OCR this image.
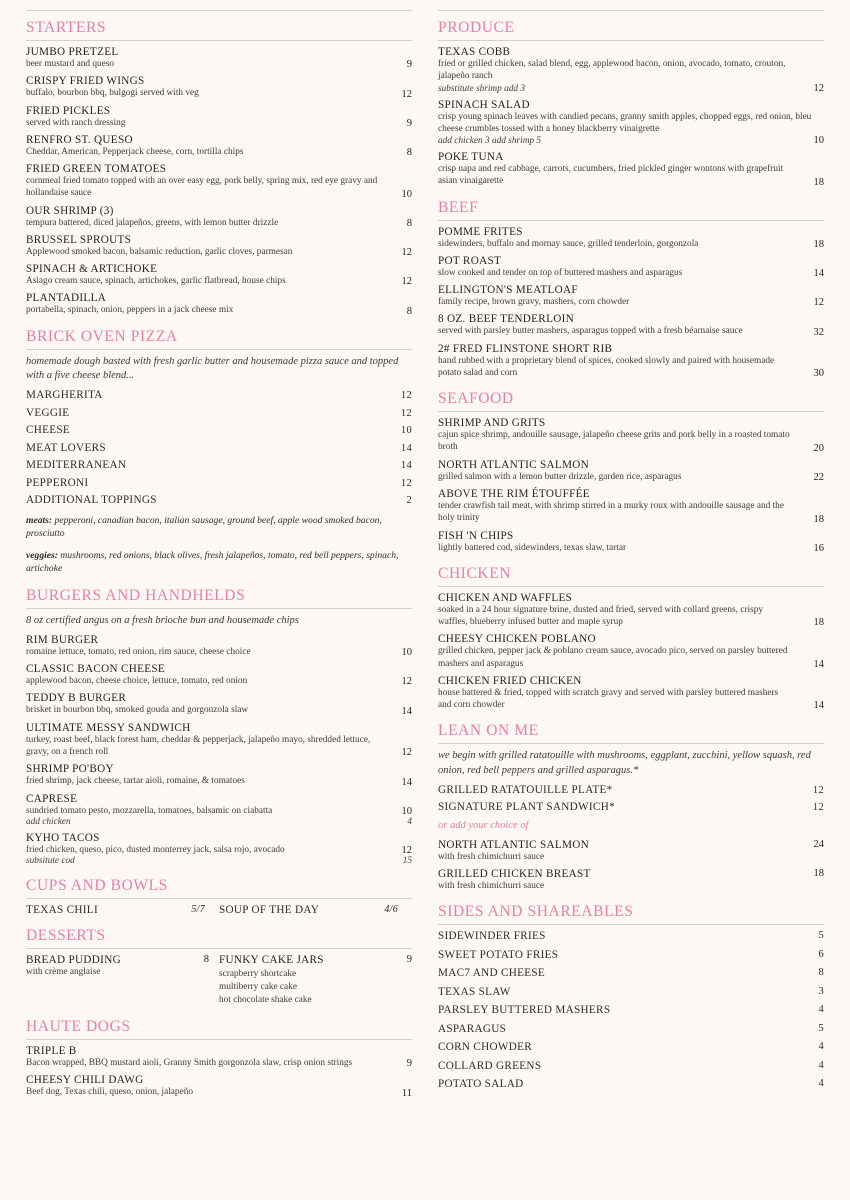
STARTERS
JUMBO PRETZEL
beer mustard and queso	9
CRISPY FRIED WINGS
buffalo, bourbon bbq, bulgogi served with veg	12
FRIED PICKLES
served with ranch dressing	9
RENFRO ST. QUESO
Cheddar, American, Pepperjack cheese, corn, tortilla chips	8
FRIED GREEN TOMATOES
cornmeal fried tomato topped with an over easy egg, pork belly, spring mix, red eye gravy and hollandaise sauce	10
OUR SHRIMP (3)
tempura battered, diced jalapeños, greens, with lemon butter drizzle	8
BRUSSEL SPROUTS
Applewood smoked bacon, balsamic reduction, garlic cloves, parmesan	12
SPINACH & ARTICHOKE
Asiago cream sauce, spinach, artichokes, garlic flatbread, house chips	12
PLANTADILLA
portabella, spinach, onion, peppers in a jack cheese mix	8
BRICK OVEN PIZZA
homemade dough basted with fresh garlic butter and housemade pizza sauce and topped with a five cheese blend...
MARGHERITA	12
VEGGIE	12
CHEESE	10
MEAT LOVERS	14
MEDITERRANEAN	14
PEPPERONI	12
ADDITIONAL TOPPINGS	2
meats: pepperoni, canadian bacon, italian sausage, ground beef, apple wood smoked bacon, prosciutto
veggies: mushrooms, red onions, black olives, fresh jalapeños, tomato, red bell peppers, spinach, artichoke
BURGERS AND HANDHELDS
8 oz certified angus on a fresh brioche bun and housemade chips
RIM BURGER
romaine lettuce, tomato, red onion, rim sauce, cheese choice	10
CLASSIC BACON CHEESE
applewood bacon, cheese choice, lettuce, tomato, red onion	12
TEDDY B BURGER
brisket in bourbon bbq, smoked gouda and gorgonzola slaw	14
ULTIMATE MESSY SANDWICH
turkey, roast beef, black forest ham, cheddar & pepperjack, jalapeño mayo, shredded lettuce, gravy, on a french roll	12
SHRIMP PO'BOY
fried shrimp, jack cheese, tartar aioli, romaine, & tomatoes	14
CAPRESE
sundried tomato pesto, mozzarella, tomatoes, balsamic on ciabatta	10
add chicken	4
KYHO TACOS
fried chicken, queso, pico, dusted monterrey jack, salsa rojo, avocado	12
subsitute cod	15
CUPS AND BOWLS
TEXAS CHILI	5/7 SOUP OF THE DAY	4/6
DESSERTS
BREAD PUDDING	8
with crème anglaise
FUNKY CAKE JARS	9
scrapberry shortcake
multiberry cake cake
hot chocolate shake cake
HAUTE DOGS
TRIPLE B
Bacon wrapped, BBQ mustard aioli, Granny Smith gorgonzola slaw, crisp onion strings	9
CHEESY CHILI DAWG
Beef dog, Texas chili, queso, onion, jalapeño	11
PRODUCE
TEXAS COBB
fried or grilled chicken, salad blend, egg, applewood bacon, onion, avocado, tomato, crouton, jalapeño ranch
substitute shrimp add 3	12
SPINACH SALAD
crisp young spinach leaves with candied pecans, granny smith apples, chopped eggs, red onion, bleu cheese crumbles tossed with a honey blackberry vinaigrette
add chicken 3 add shrimp 5	10
POKE TUNA
crisp napa and red cabbage, carrots, cucumbers, fried pickled ginger wontons with grapefruit asian vinaigarette	18
BEEF
POMME FRITES
sidewinders, buffalo and mornay sauce, grilled tenderloin, gorgonzola	18
POT ROAST
slow cooked and tender on top of buttered mashers and asparagus	14
ELLINGTON'S MEATLOAF
family recipe, brown gravy, mashers, corn chowder	12
8 OZ. BEEF TENDERLOIN
served with parsley butter mashers, asparagus topped with a fresh béarnaise sauce	32
2# FRED FLINSTONE SHORT RIB
hand rubbed with a proprietary blend of spices, cooked slowly and paired with housemade potato salad and corn	30
SEAFOOD
SHRIMP AND GRITS
cajun spice shrimp, andouille sausage, jalapeño cheese grits and pork belly in a roasted tomato broth	20
NORTH ATLANTIC SALMON
grilled salmon with a lemon butter drizzle, garden rice, asparagus	22
ABOVE THE RIM ÉTOUFFÉE
tender crawfish tail meat, with shrimp stirred in a murky roux with andouille sausage and the holy trinity	18
FISH 'N CHIPS
lightly battered cod, sidewinders, texas slaw, tartar	16
CHICKEN
CHICKEN AND WAFFLES
soaked in a 24 hour signature brine, dusted and fried, served with collard greens, crispy waffles, blueberry infused butter and maple syrup	18
CHEESY CHICKEN POBLANO
grilled chicken, pepper jack & poblano cream sauce, avocado pico, served on parsley buttered mashers and asparagus	14
CHICKEN FRIED CHICKEN
house battered & fried, topped with scratch gravy and served with parsley buttered mashers and corn chowder	14
LEAN ON ME
we begin with grilled ratatouille with mushrooms, eggplant, zucchini, yellow squash, red onion, red bell peppers and grilled asparagus.*
GRILLED RATATOUILLE PLATE*	12
SIGNATURE PLANT SANDWICH*	12
or add your choice of
NORTH ATLANTIC SALMON	24
with fresh chimichurri sauce
GRILLED CHICKEN BREAST	18
with fresh chimichurri sauce
SIDES AND SHAREABLES
SIDEWINDER FRIES	5
SWEET POTATO FRIES	6
MAC7 AND CHEESE	8
TEXAS SLAW	3
PARSLEY BUTTERED MASHERS	4
ASPARAGUS	5
CORN CHOWDER	4
COLLARD GREENS	4
POTATO SALAD	4
